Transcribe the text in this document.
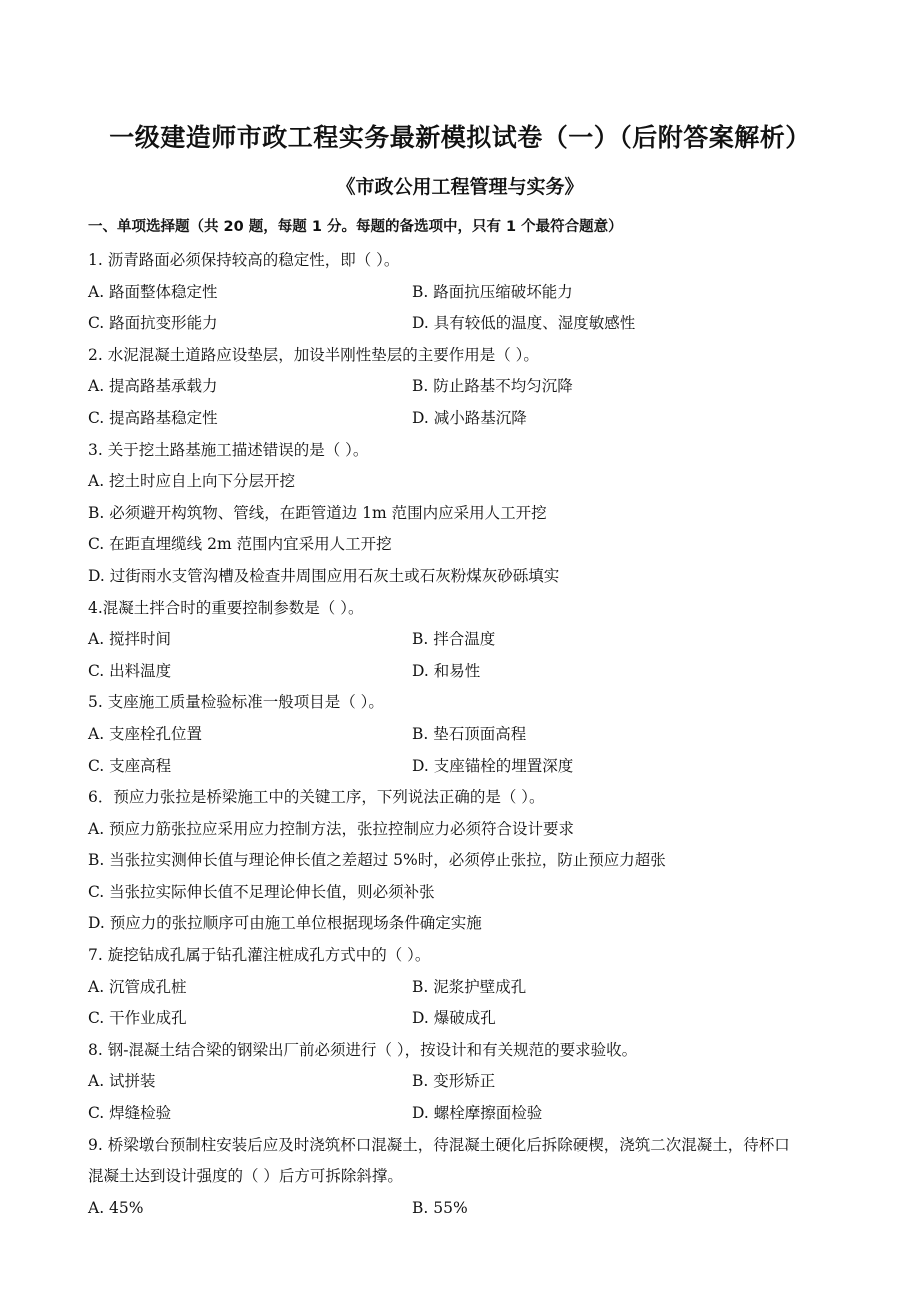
一级建造师市政工程实务最新模拟试卷（一）（后附答案解析）
《市政公用工程管理与实务》
一、单项选择题（共 20 题，每题 1 分。每题的备选项中，只有 1 个最符合题意）
1. 沥青路面必须保持较高的稳定性，即（ ）。
A. 路面整体稳定性	B. 路面抗压缩破坏能力
C. 路面抗变形能力	D. 具有较低的温度、湿度敏感性
2. 水泥混凝土道路应设垫层，加设半刚性垫层的主要作用是（ ）。
A. 提高路基承载力	B. 防止路基不均匀沉降
C. 提高路基稳定性	D. 减小路基沉降
3. 关于挖土路基施工描述错误的是（ ）。
A. 挖土时应自上向下分层开挖
B. 必须避开构筑物、管线，在距管道边 1m 范围内应采用人工开挖
C. 在距直埋缆线 2m 范围内宜采用人工开挖
D. 过街雨水支管沟槽及检查井周围应用石灰土或石灰粉煤灰砂砾填实
4.混凝土拌合时的重要控制参数是（ ）。
A. 搅拌时间	B. 拌合温度
C. 出料温度	D. 和易性
5. 支座施工质量检验标准一般项目是（ ）。
A. 支座栓孔位置	B. 垫石顶面高程
C. 支座高程	D. 支座锚栓的埋置深度
6．预应力张拉是桥梁施工中的关键工序，下列说法正确的是（ ）。
A. 预应力筋张拉应采用应力控制方法，张拉控制应力必须符合设计要求
B. 当张拉实测伸长值与理论伸长值之差超过 5%时，必须停止张拉，防止预应力超张
C. 当张拉实际伸长值不足理论伸长值，则必须补张
D. 预应力的张拉顺序可由施工单位根据现场条件确定实施
7. 旋挖钻成孔属于钻孔灌注桩成孔方式中的（ ）。
A. 沉管成孔桩	B. 泥浆护壁成孔
C. 干作业成孔	D. 爆破成孔
8. 钢-混凝土结合梁的钢梁出厂前必须进行（ ），按设计和有关规范的要求验收。
A. 试拼装	B. 变形矫正
C. 焊缝检验	D. 螺栓摩擦面检验
9. 桥梁墩台预制柱安装后应及时浇筑杯口混凝土，待混凝土硬化后拆除硬楔，浇筑二次混凝土，待杯口
混凝土达到设计强度的（ ）后方可拆除斜撑。
A. 45%	B. 55%
